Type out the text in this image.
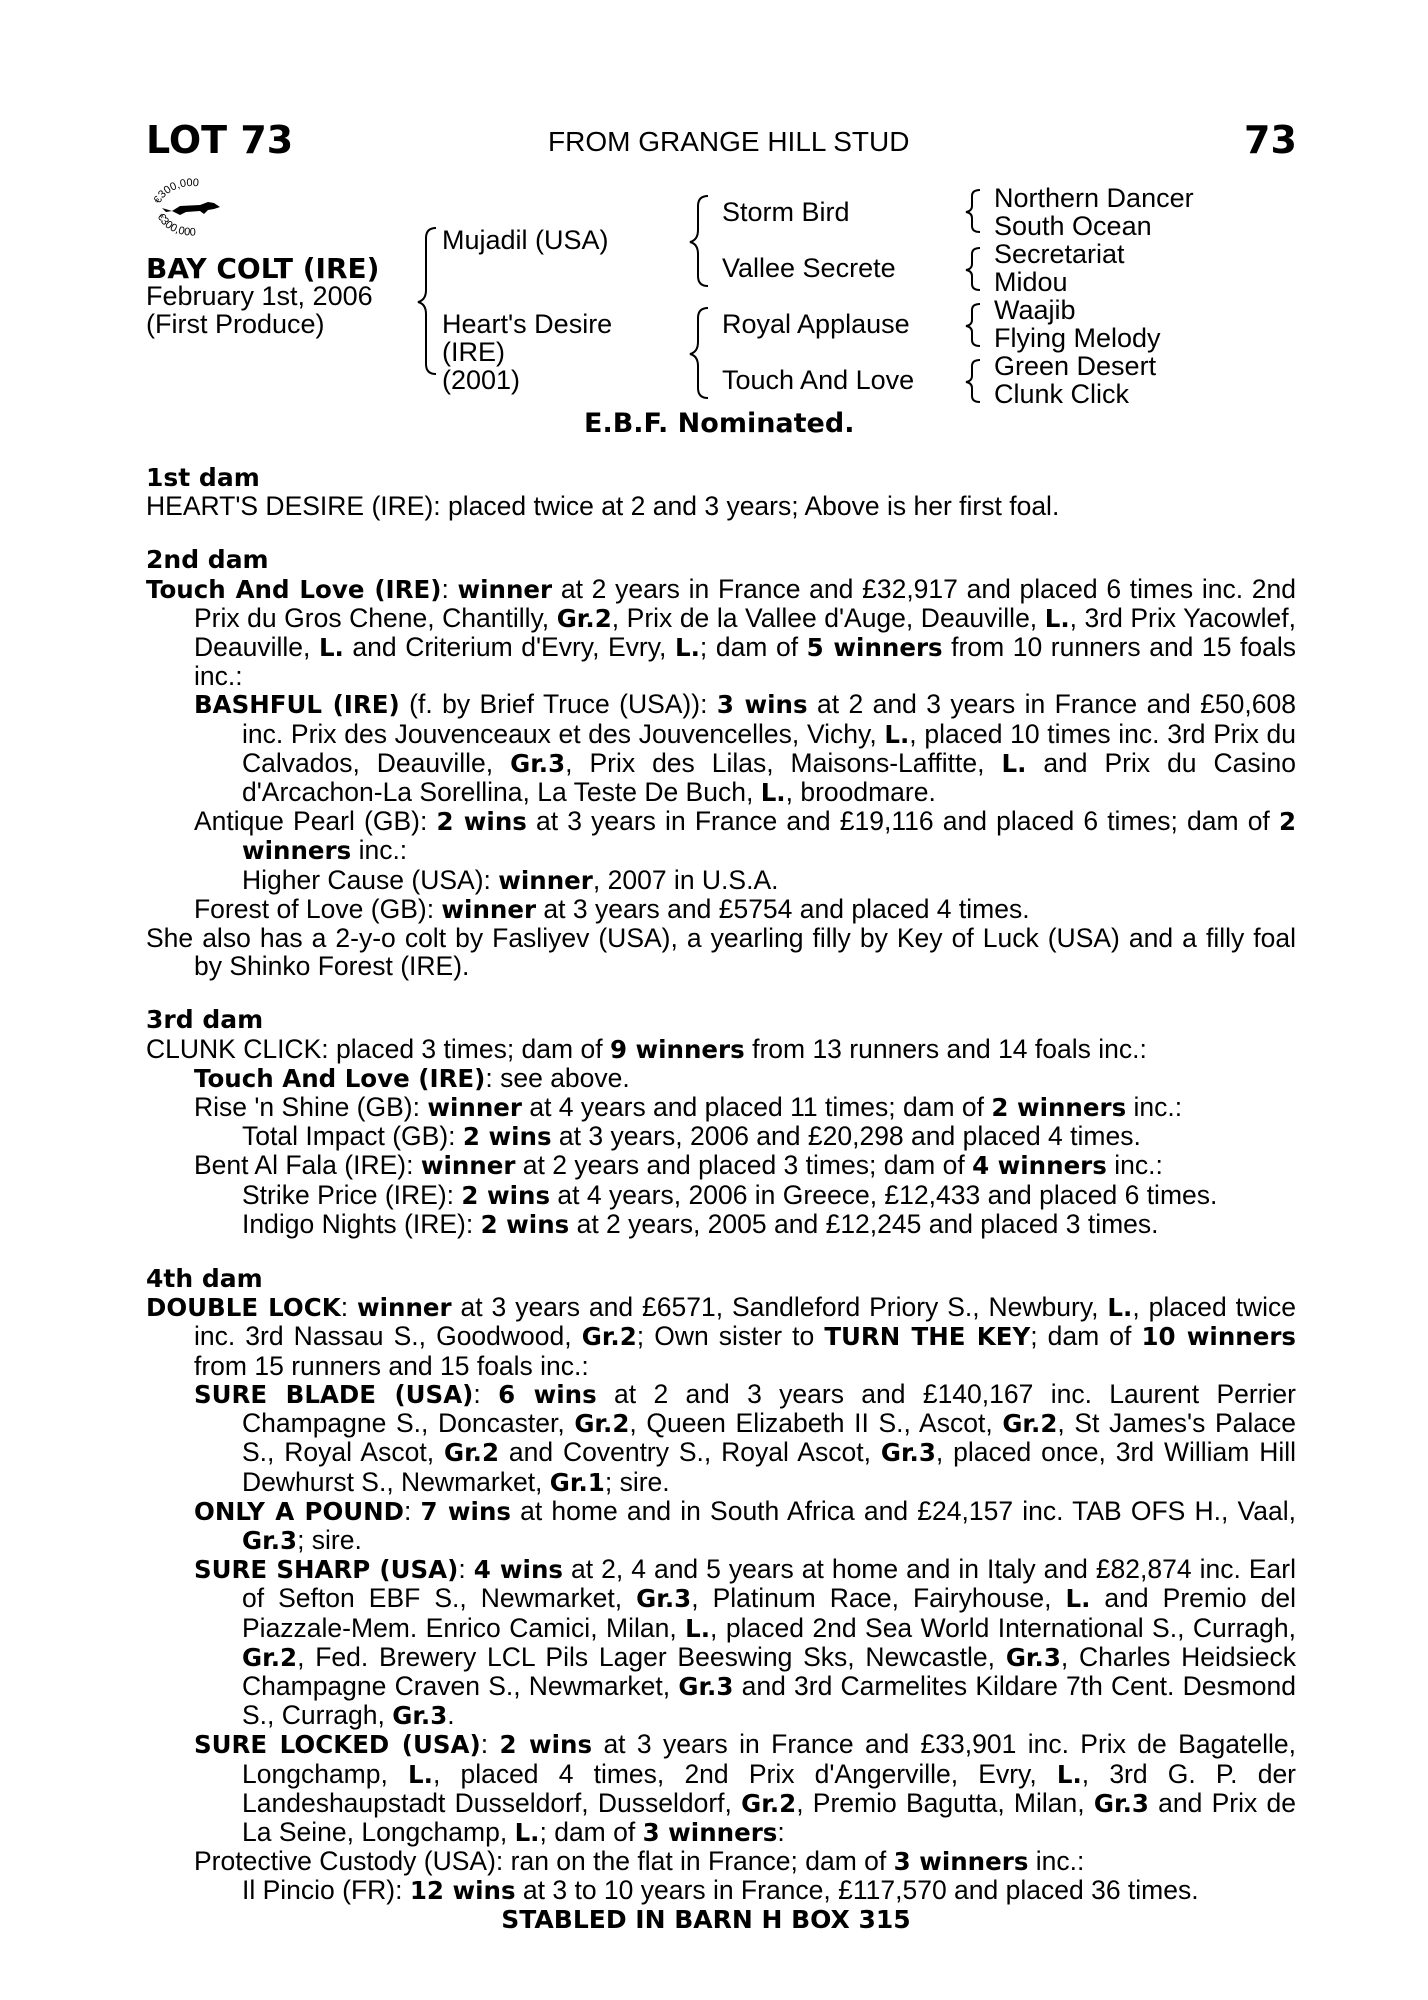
LOT 73	FROM GRANGE HILL STUD	73
€300,000
€300,000
BAY COLT (IRE)
February 1st, 2006
(First Produce)
Mujadil (USA)
Heart's Desire
(IRE)
(2001)
Storm Bird
Vallee Secrete
Royal Applause
Touch And Love
Northern Dancer
South Ocean
Secretariat
Midou
Waajib
Flying Melody
Green Desert
Clunk Click
E.B.F. Nominated.
1st dam
HEART'S DESIRE (IRE): placed twice at 2 and 3 years; Above is her first foal.
2nd dam
Touch And Love (IRE): winner at 2 years in France and £32,917 and placed 6 times inc. 2nd Prix du Gros Chene, Chantilly, Gr.2, Prix de la Vallee d'Auge, Deauville, L., 3rd Prix Yacowlef, Deauville, L. and Criterium d'Evry, Evry, L.; dam of 5 winners from 10 runners and 15 foals inc.:
BASHFUL (IRE) (f. by Brief Truce (USA)): 3 wins at 2 and 3 years in France and £50,608 inc. Prix des Jouvenceaux et des Jouvencelles, Vichy, L., placed 10 times inc. 3rd Prix du Calvados, Deauville, Gr.3, Prix des Lilas, Maisons-Laffitte, L. and Prix du Casino d'Arcachon-La Sorellina, La Teste De Buch, L., broodmare.
Antique Pearl (GB): 2 wins at 3 years in France and £19,116 and placed 6 times; dam of 2 winners inc.:
Higher Cause (USA): winner, 2007 in U.S.A.
Forest of Love (GB): winner at 3 years and £5754 and placed 4 times.
She also has a 2-y-o colt by Fasliyev (USA), a yearling filly by Key of Luck (USA) and a filly foal by Shinko Forest (IRE).
3rd dam
CLUNK CLICK: placed 3 times; dam of 9 winners from 13 runners and 14 foals inc.:
Touch And Love (IRE): see above.
Rise 'n Shine (GB): winner at 4 years and placed 11 times; dam of 2 winners inc.:
Total Impact (GB): 2 wins at 3 years, 2006 and £20,298 and placed 4 times.
Bent Al Fala (IRE): winner at 2 years and placed 3 times; dam of 4 winners inc.:
Strike Price (IRE): 2 wins at 4 years, 2006 in Greece, £12,433 and placed 6 times.
Indigo Nights (IRE): 2 wins at 2 years, 2005 and £12,245 and placed 3 times.
4th dam
DOUBLE LOCK: winner at 3 years and £6571, Sandleford Priory S., Newbury, L., placed twice inc. 3rd Nassau S., Goodwood, Gr.2; Own sister to TURN THE KEY; dam of 10 winners from 15 runners and 15 foals inc.:
SURE BLADE (USA): 6 wins at 2 and 3 years and £140,167 inc. Laurent Perrier Champagne S., Doncaster, Gr.2, Queen Elizabeth II S., Ascot, Gr.2, St James's Palace S., Royal Ascot, Gr.2 and Coventry S., Royal Ascot, Gr.3, placed once, 3rd William Hill Dewhurst S., Newmarket, Gr.1; sire.
ONLY A POUND: 7 wins at home and in South Africa and £24,157 inc. TAB OFS H., Vaal, Gr.3; sire.
SURE SHARP (USA): 4 wins at 2, 4 and 5 years at home and in Italy and £82,874 inc. Earl of Sefton EBF S., Newmarket, Gr.3, Platinum Race, Fairyhouse, L. and Premio del Piazzale-Mem. Enrico Camici, Milan, L., placed 2nd Sea World International S., Curragh, Gr.2, Fed. Brewery LCL Pils Lager Beeswing Sks, Newcastle, Gr.3, Charles Heidsieck Champagne Craven S., Newmarket, Gr.3 and 3rd Carmelites Kildare 7th Cent. Desmond S., Curragh, Gr.3.
SURE LOCKED (USA): 2 wins at 3 years in France and £33,901 inc. Prix de Bagatelle, Longchamp, L., placed 4 times, 2nd Prix d'Angerville, Evry, L., 3rd G. P. der Landeshaupstadt Dusseldorf, Dusseldorf, Gr.2, Premio Bagutta, Milan, Gr.3 and Prix de La Seine, Longchamp, L.; dam of 3 winners:
Protective Custody (USA): ran on the flat in France; dam of 3 winners inc.:
Il Pincio (FR): 12 wins at 3 to 10 years in France, £117,570 and placed 36 times.
STABLED IN BARN H BOX 315
